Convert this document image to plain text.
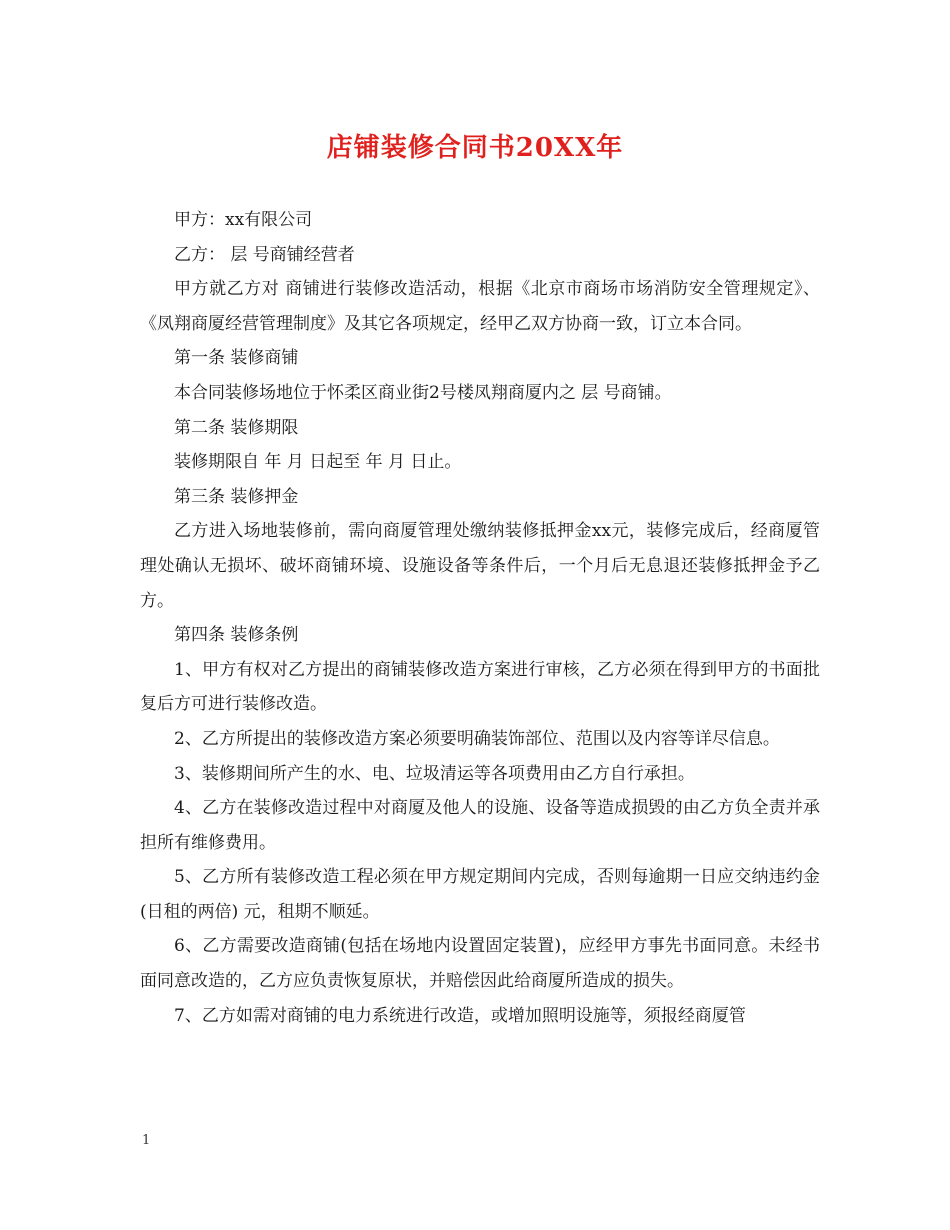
店铺装修合同书20XX年

甲方：xx有限公司

乙方： 层 号商铺经营者

甲方就乙方对 商铺进行装修改造活动，根据《北京市商场市场消防安全管理规定》、《凤翔商厦经营管理制度》及其它各项规定，经甲乙双方协商一致，订立本合同。

第一条 装修商铺

本合同装修场地位于怀柔区商业街2号楼凤翔商厦内之 层 号商铺。

第二条 装修期限

装修期限自 年 月 日起至 年 月 日止。

第三条 装修押金

乙方进入场地装修前，需向商厦管理处缴纳装修抵押金xx元，装修完成后，经商厦管理处确认无损坏、破坏商铺环境、设施设备等条件后，一个月后无息退还装修抵押金予乙方。

第四条 装修条例

1、甲方有权对乙方提出的商铺装修改造方案进行审核，乙方必须在得到甲方的书面批复后方可进行装修改造。

2、乙方所提出的装修改造方案必须要明确装饰部位、范围以及内容等详尽信息。

3、装修期间所产生的水、电、垃圾清运等各项费用由乙方自行承担。

4、乙方在装修改造过程中对商厦及他人的设施、设备等造成损毁的由乙方负全责并承担所有维修费用。

5、乙方所有装修改造工程必须在甲方规定期间内完成，否则每逾期一日应交纳违约金(日租的两倍) 元，租期不顺延。

6、乙方需要改造商铺(包括在场地内设置固定装置)，应经甲方事先书面同意。未经书面同意改造的，乙方应负责恢复原状，并赔偿因此给商厦所造成的损失。

7、乙方如需对商铺的电力系统进行改造，或增加照明设施等，须报经商厦管

1
